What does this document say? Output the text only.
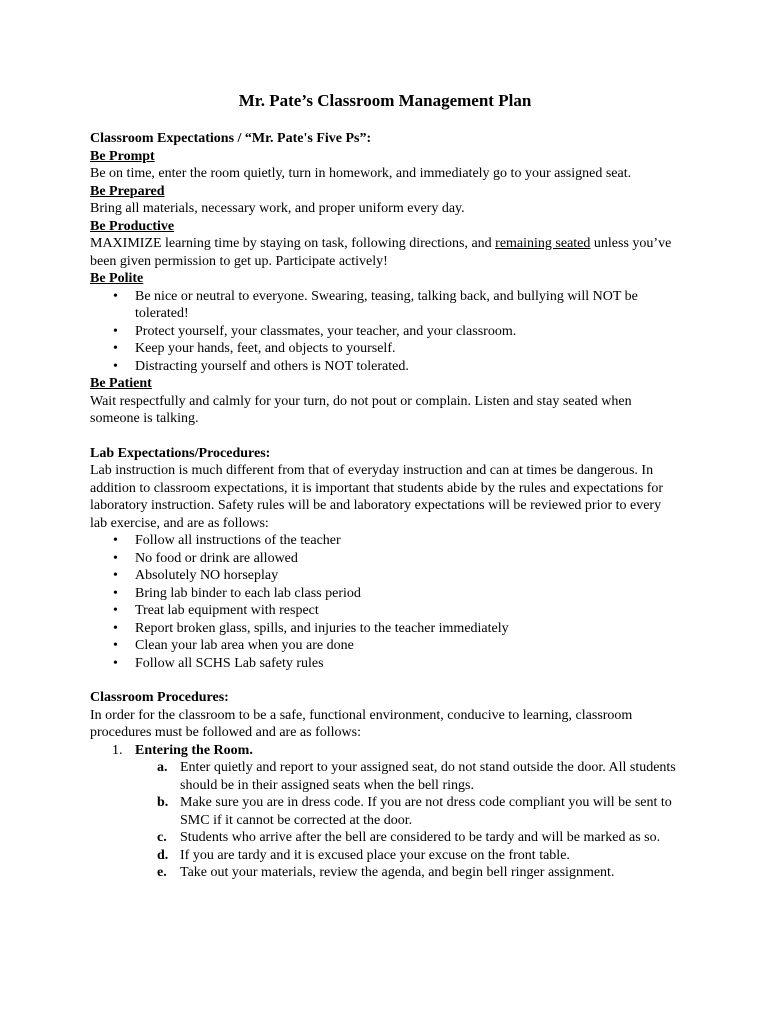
Mr. Pate’s Classroom Management Plan
Classroom Expectations / “Mr. Pate's Five Ps”:
Be Prompt

Be on time, enter the room quietly, turn in homework, and immediately go to your assigned seat.

Be Prepared

Bring all materials, necessary work, and proper uniform every day.

Be Productive

MAXIMIZE learning time by staying on task, following directions, and remaining seated unless you’ve been given permission to get up. Participate actively!

Be Polite
• Be nice or neutral to everyone. Swearing, teasing, talking back, and bullying will NOT be tolerated!
• Protect yourself, your classmates, your teacher, and your classroom.
• Keep your hands, feet, and objects to yourself.
• Distracting yourself and others is NOT tolerated.
Be Patient

Wait respectfully and calmly for your turn, do not pout or complain. Listen and stay seated when someone is talking.

Lab Expectations/Procedures:

Lab instruction is much different from that of everyday instruction and can at times be dangerous. In addition to classroom expectations, it is important that students abide by the rules and expectations for laboratory instruction. Safety rules will be and laboratory expectations will be reviewed prior to every lab exercise, and are as follows:

• Follow all instructions of the teacher
• No food or drink are allowed
• Absolutely NO horseplay
• Bring lab binder to each lab class period
• Treat lab equipment with respect
• Report broken glass, spills, and injuries to the teacher immediately
• Clean your lab area when you are done
• Follow all SCHS Lab safety rules
Classroom Procedures:

In order for the classroom to be a safe, functional environment, conducive to learning, classroom procedures must be followed and are as follows:

1. Entering the Room.
a. Enter quietly and report to your assigned seat, do not stand outside the door. All students should be in their assigned seats when the bell rings.
b. Make sure you are in dress code. If you are not dress code compliant you will be sent to SMC if it cannot be corrected at the door.
c. Students who arrive after the bell are considered to be tardy and will be marked as so.
d. If you are tardy and it is excused place your excuse on the front table.
e. Take out your materials, review the agenda, and begin bell ringer assignment.
